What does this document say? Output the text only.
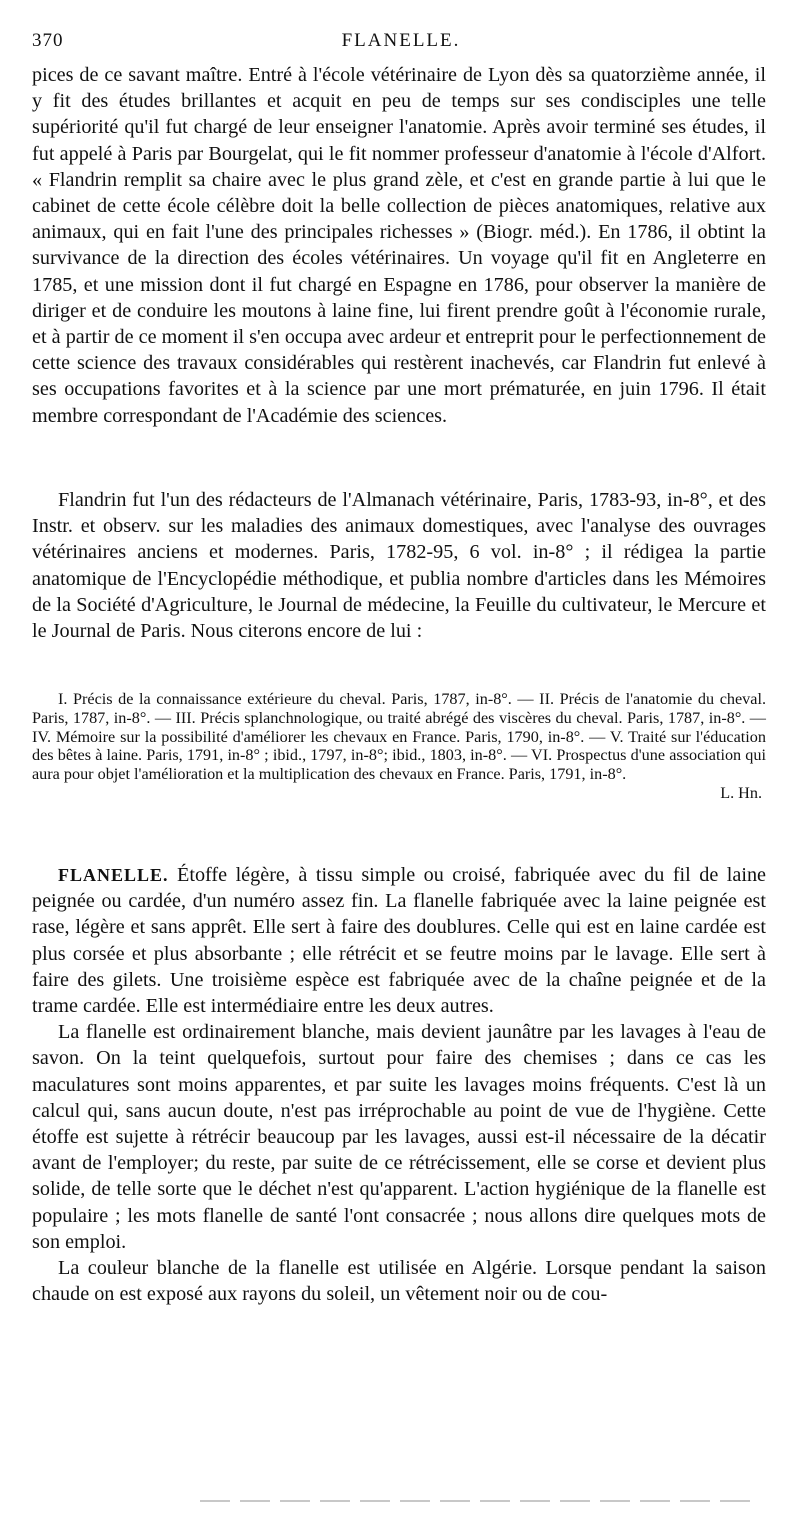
370	FLANELLE.

pices de ce savant maître. Entré à l'école vétérinaire de Lyon dès sa quatorzième année, il y fit des études brillantes et acquit en peu de temps sur ses condisciples une telle supériorité qu'il fut chargé de leur enseigner l'anatomie. Après avoir terminé ses études, il fut appelé à Paris par Bourgelat, qui le fit nommer professeur d'anatomie à l'école d'Alfort. « Flandrin remplit sa chaire avec le plus grand zèle, et c'est en grande partie à lui que le cabinet de cette école célèbre doit la belle collection de pièces anatomiques, relative aux animaux, qui en fait l'une des principales richesses » (Biogr. méd.). En 1786, il obtint la survivance de la direction des écoles vétérinaires. Un voyage qu'il fit en Angleterre en 1785, et une mission dont il fut chargé en Espagne en 1786, pour observer la manière de diriger et de conduire les moutons à laine fine, lui firent prendre goût à l'économie rurale, et à partir de ce moment il s'en occupa avec ardeur et entreprit pour le perfectionnement de cette science des travaux considérables qui restèrent inachevés, car Flandrin fut enlevé à ses occupations favorites et à la science par une mort prématurée, en juin 1796. Il était membre correspondant de l'Académie des sciences.

Flandrin fut l'un des rédacteurs de l'Almanach vétérinaire, Paris, 1783-93, in-8°, et des Instr. et observ. sur les maladies des animaux domestiques, avec l'analyse des ouvrages vétérinaires anciens et modernes. Paris, 1782-95, 6 vol. in-8° ; il rédigea la partie anatomique de l'Encyclopédie méthodique, et publia nombre d'articles dans les Mémoires de la Société d'Agriculture, le Journal de médecine, la Feuille du cultivateur, le Mercure et le Journal de Paris. Nous citerons encore de lui :

I. Précis de la connaissance extérieure du cheval. Paris, 1787, in-8°. — II. Précis de l'anatomie du cheval. Paris, 1787, in-8°. — III. Précis splanchnologique, ou traité abrégé des viscères du cheval. Paris, 1787, in-8°. — IV. Mémoire sur la possibilité d'améliorer les chevaux en France. Paris, 1790, in-8°. — V. Traité sur l'éducation des bêtes à laine. Paris, 1791, in-8° ; ibid., 1797, in-8°; ibid., 1803, in-8°. — VI. Prospectus d'une association qui aura pour objet l'amélioration et la multiplication des chevaux en France. Paris, 1791, in-8°.

L. Hn.

FLANELLE. Étoffe légère, à tissu simple ou croisé, fabriquée avec du fil de laine peignée ou cardée, d'un numéro assez fin. La flanelle fabriquée avec la laine peignée est rase, légère et sans apprêt. Elle sert à faire des doublures. Celle qui est en laine cardée est plus corsée et plus absorbante ; elle rétrécit et se feutre moins par le lavage. Elle sert à faire des gilets. Une troisième espèce est fabriquée avec de la chaîne peignée et de la trame cardée. Elle est intermédiaire entre les deux autres.

La flanelle est ordinairement blanche, mais devient jaunâtre par les lavages à l'eau de savon. On la teint quelquefois, surtout pour faire des chemises ; dans ce cas les maculatures sont moins apparentes, et par suite les lavages moins fréquents. C'est là un calcul qui, sans aucun doute, n'est pas irréprochable au point de vue de l'hygiène. Cette étoffe est sujette à rétrécir beaucoup par les lavages, aussi est-il nécessaire de la décatir avant de l'employer; du reste, par suite de ce rétrécissement, elle se corse et devient plus solide, de telle sorte que le déchet n'est qu'apparent. L'action hygiénique de la flanelle est populaire ; les mots flanelle de santé l'ont consacrée ; nous allons dire quelques mots de son emploi.

La couleur blanche de la flanelle est utilisée en Algérie. Lorsque pendant la saison chaude on est exposé aux rayons du soleil, un vêtement noir ou de cou-
